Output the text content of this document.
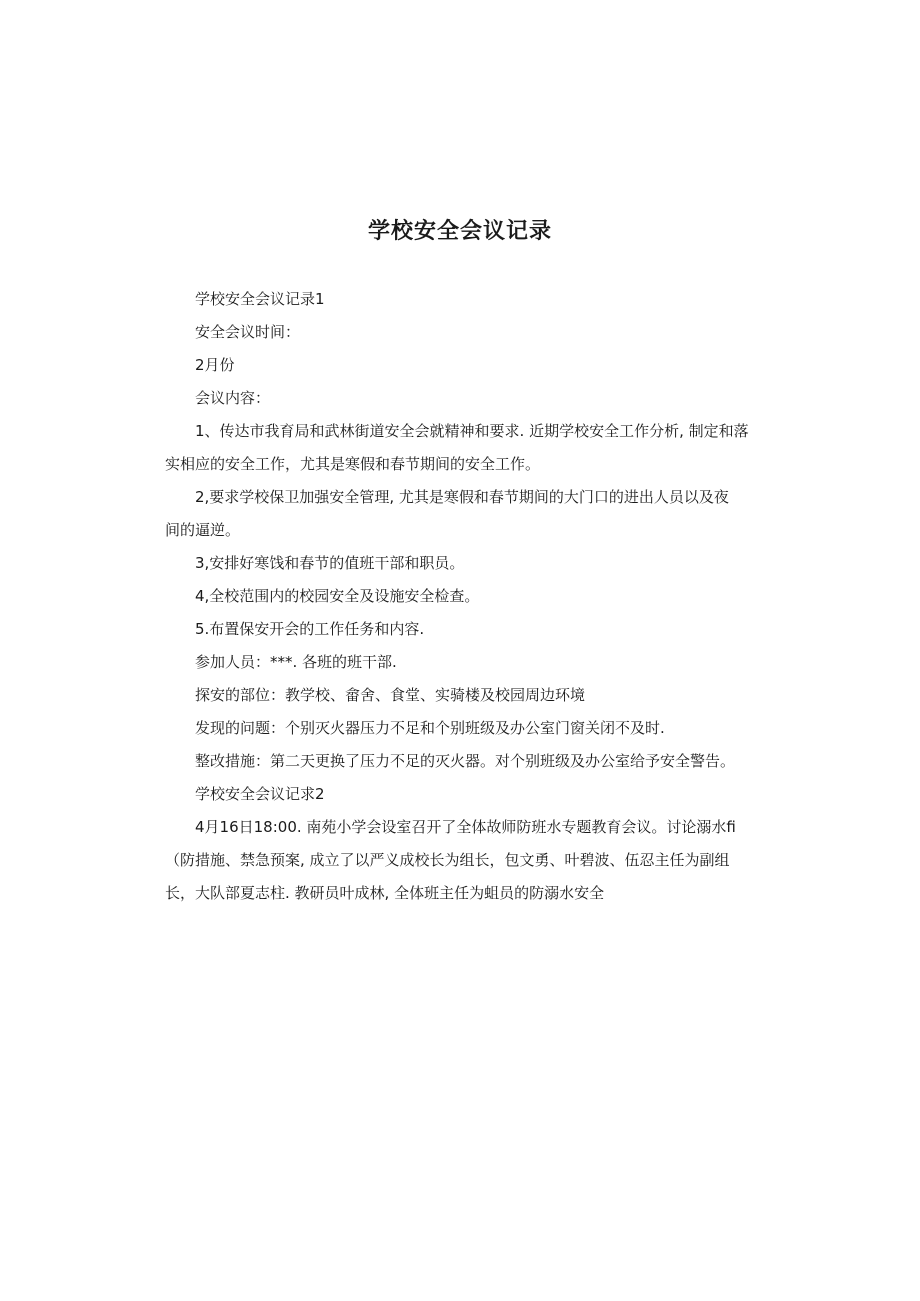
学校安全会议记录

学校安全会议记录1

安全会议时间：

2月份

会议内容：

1、传达市我育局和武林街道安全会就精神和要求. 近期学校安全工作分析, 制定和落
实相应的安全工作，尤其是寒假和春节期间的安全工作。

2,要求学校保卫加强安全管理, 尤其是寒假和春节期间的大门口的进出人员以及夜
间的逼逆。

3,安排好寒饯和春节的值班干部和职员。

4,全校范围内的校园安全及设施安全检查。

5.布置保安开会的工作任务和内容.

参加人员：***. 各班的班干部.

探安的部位：教学校、畲舍、食堂、实骑楼及校园周边环境

发现的问题：个别灭火器压力不足和个别班级及办公室门窗关闭不及时.

整改措施：第二天更换了压力不足的灭火器。对个别班级及办公室给予安全警告。

学校安全会议记求2

4月16日18:00. 南苑小学会设室召开了全体故师防班水专题教育会议。讨论溺水fi
（防措施、禁急预案, 成立了以严义成校长为组长，包文勇、叶碧波、伍忍主任为副组
长，大队部夏志柱. 教研员叶成林, 全体班主任为蛆员的防溺水安全
